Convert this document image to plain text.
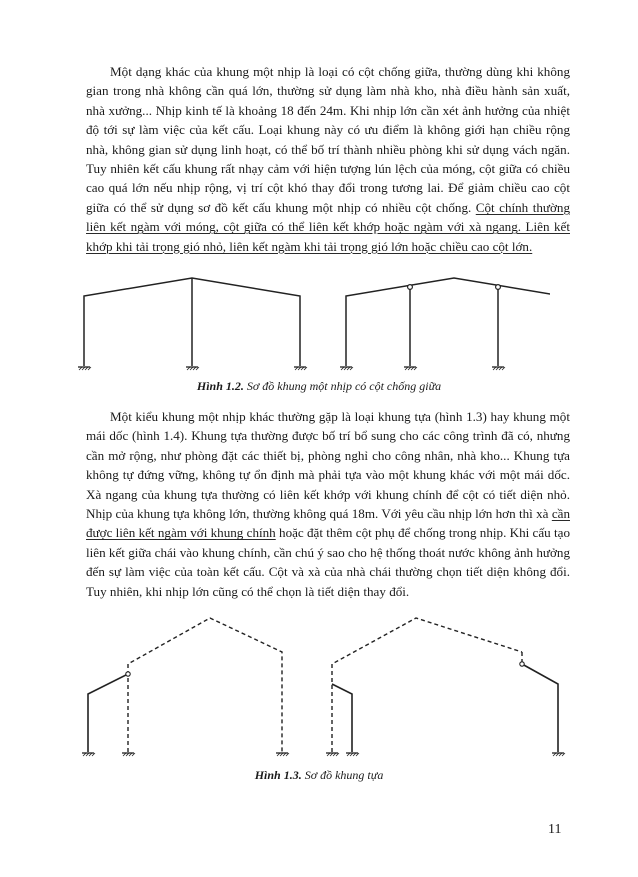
Một dạng khác của khung một nhịp là loại có cột chống giữa, thường dùng khi không gian trong nhà không cần quá lớn, thường sử dụng làm nhà kho, nhà điều hành sản xuất, nhà xưởng... Nhịp kinh tế là khoảng 18 đến 24m. Khi nhịp lớn cần xét ảnh hưởng của nhiệt độ tới sự làm việc của kết cấu. Loại khung này có ưu điểm là không giới hạn chiều rộng nhà, không gian sử dụng linh hoạt, có thể bố trí thành nhiều phòng khi sử dụng vách ngăn. Tuy nhiên kết cấu khung rất nhạy cảm với hiện tượng lún lệch của móng, cột giữa có chiều cao quá lớn nếu nhịp rộng, vị trí cột khó thay đổi trong tương lai. Để giảm chiều cao cột giữa có thể sử dụng sơ đồ kết cấu khung một nhịp có nhiều cột chống. Cột chính thường liên kết ngàm với móng, cột giữa có thể liên kết khớp hoặc ngàm với xà ngang. Liên kết khớp khi tải trọng gió nhỏ, liên kết ngàm khi tải trọng gió lớn hoặc chiều cao cột lớn.

Hình 1.2. Sơ đồ khung một nhịp có cột chống giữa

Một kiểu khung một nhịp khác thường gặp là loại khung tựa (hình 1.3) hay khung một mái dốc (hình 1.4). Khung tựa thường được bố trí bổ sung cho các công trình đã có, nhưng cần mở rộng, như phòng đặt các thiết bị, phòng nghỉ cho công nhân, nhà kho... Khung tựa không tự đứng vững, không tự ổn định mà phải tựa vào một khung khác với một mái dốc. Xà ngang của khung tựa thường có liên kết khớp với khung chính để cột có tiết diện nhỏ. Nhịp của khung tựa không lớn, thường không quá 18m. Với yêu cầu nhịp lớn hơn thì xà cần được liên kết ngàm với khung chính hoặc đặt thêm cột phụ để chống trong nhịp. Khi cấu tạo liên kết giữa chái vào khung chính, cần chú ý sao cho hệ thống thoát nước không ảnh hưởng đến sự làm việc của toàn kết cấu. Cột và xà của nhà chái thường chọn tiết diện không đổi. Tuy nhiên, khi nhịp lớn cũng có thể chọn là tiết diện thay đổi.

Hình 1.3. Sơ đồ khung tựa
11
